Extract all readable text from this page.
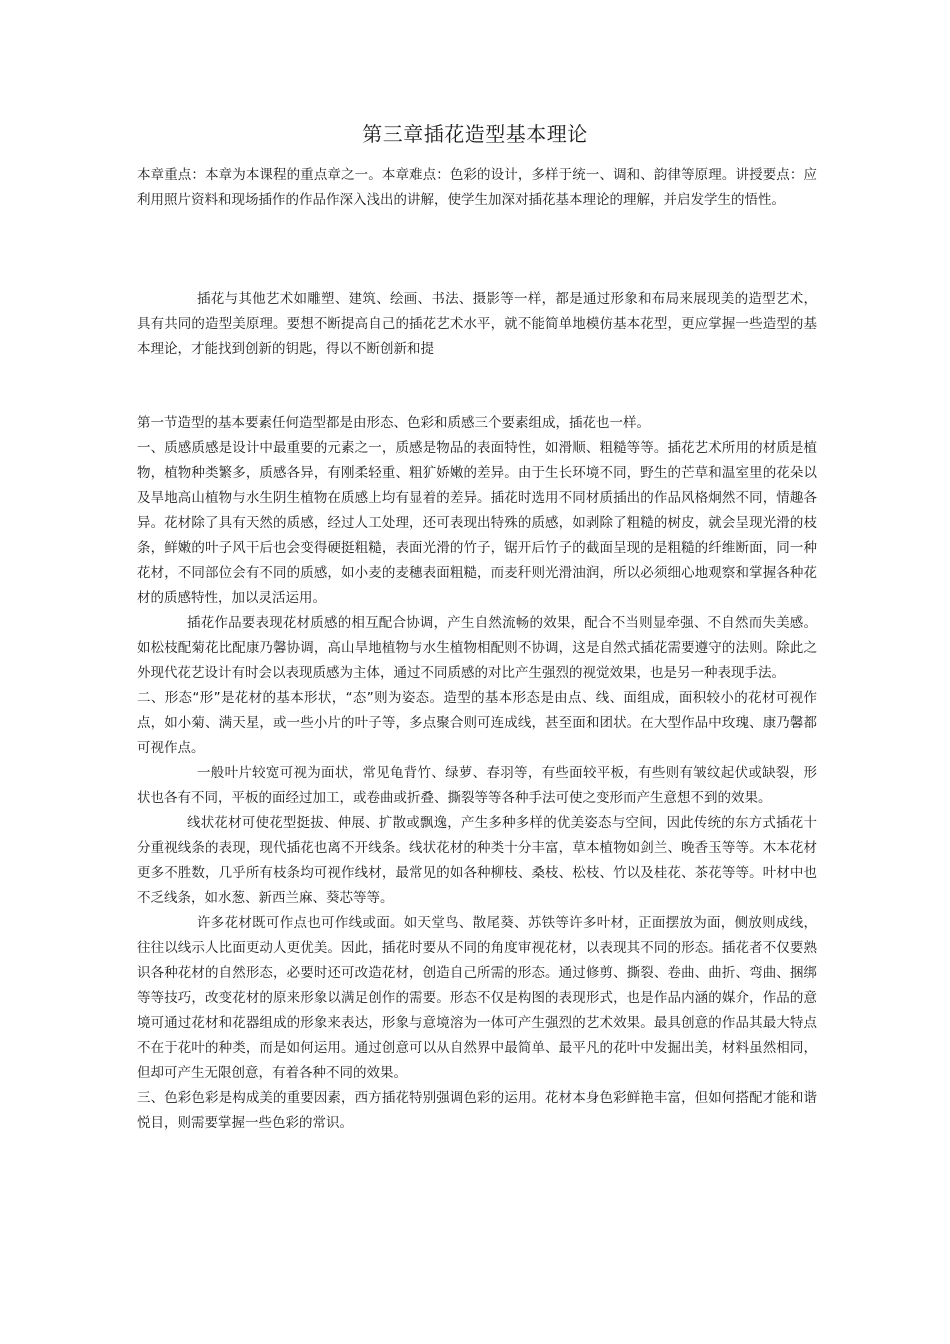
第三章插花造型基本理论

本章重点：本章为本课程的重点章之一。本章难点：色彩的设计，多样于统一、调和、韵律等原理。讲授要点：应利用照片资料和现场插作的作品作深入浅出的讲解，使学生加深对插花基本理论的理解，并启发学生的悟性。

插花与其他艺术如雕塑、建筑、绘画、书法、摄影等一样，都是通过形象和布局来展现美的造型艺术，具有共同的造型美原理。要想不断提高自己的插花艺术水平，就不能简单地模仿基本花型，更应掌握一些造型的基本理论，才能找到创新的钥匙，得以不断创新和提

第一节造型的基本要素任何造型都是由形态、色彩和质感三个要素组成，插花也一样。

一、质感质感是设计中最重要的元素之一，质感是物品的表面特性，如滑顺、粗糙等等。插花艺术所用的材质是植物，植物种类繁多，质感各异，有刚柔轻重、粗犷娇嫩的差异。由于生长环境不同，野生的芒草和温室里的花朵以及旱地高山植物与水生阴生植物在质感上均有显着的差异。插花时选用不同材质插出的作品风格炯然不同，情趣各异。花材除了具有天然的质感，经过人工处理，还可表现出特殊的质感，如剥除了粗糙的树皮，就会呈现光滑的枝条，鲜嫩的叶子风干后也会变得硬挺粗糙，表面光滑的竹子，锯开后竹子的截面呈现的是粗糙的纤维断面，同一种花材，不同部位会有不同的质感，如小麦的麦穗表面粗糙，而麦秆则光滑油润，所以必须细心地观察和掌握各种花材的质感特性，加以灵活运用。

插花作品要表现花材质感的相互配合协调，产生自然流畅的效果，配合不当则显牵强、不自然而失美感。如松枝配菊花比配康乃馨协调，高山旱地植物与水生植物相配则不协调，这是自然式插花需要遵守的法则。除此之外现代花艺设计有时会以表现质感为主体，通过不同质感的对比产生强烈的视觉效果，也是另一种表现手法。

二、形态“形”是花材的基本形状，“态”则为姿态。造型的基本形态是由点、线、面组成，面积较小的花材可视作点，如小菊、满天星，或一些小片的叶子等，多点聚合则可连成线，甚至面和团状。在大型作品中玫瑰、康乃馨都可视作点。

一般叶片较宽可视为面状，常见龟背竹、绿萝、春羽等，有些面较平板，有些则有皱纹起伏或缺裂，形状也各有不同，平板的面经过加工，或卷曲或折叠、撕裂等等各种手法可使之变形而产生意想不到的效果。

线状花材可使花型挺拔、伸展、扩散或飘逸，产生多种多样的优美姿态与空间，因此传统的东方式插花十分重视线条的表现，现代插花也离不开线条。线状花材的种类十分丰富，草本植物如剑兰、晚香玉等等。木本花材更多不胜数，几乎所有枝条均可视作线材，最常见的如各种柳枝、桑枝、松枝、竹以及桂花、茶花等等。叶材中也不乏线条，如水葱、新西兰麻、葵芯等等。

许多花材既可作点也可作线或面。如天堂鸟、散尾葵、苏铁等许多叶材，正面摆放为面，侧放则成线，往往以线示人比面更动人更优美。因此，插花时要从不同的角度审视花材，以表现其不同的形态。插花者不仅要熟识各种花材的自然形态，必要时还可改造花材，创造自己所需的形态。通过修剪、撕裂、卷曲、曲折、弯曲、捆绑等等技巧，改变花材的原来形象以满足创作的需要。形态不仅是构图的表现形式，也是作品内涵的媒介，作品的意境可通过花材和花器组成的形象来表达，形象与意境溶为一体可产生强烈的艺术效果。最具创意的作品其最大特点不在于花叶的种类，而是如何运用。通过创意可以从自然界中最简单、最平凡的花叶中发掘出美，材料虽然相同，但却可产生无限创意，有着各种不同的效果。

三、色彩色彩是构成美的重要因素，西方插花特别强调色彩的运用。花材本身色彩鲜艳丰富，但如何搭配才能和谐悦目，则需要掌握一些色彩的常识。
